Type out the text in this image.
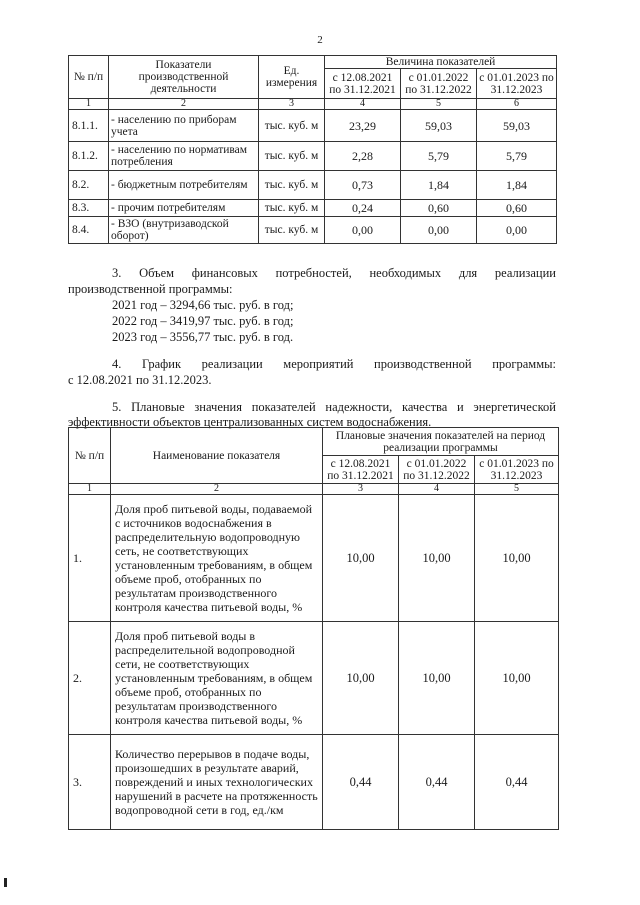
2
№ п/п	Показатели производственной деятельности	Ед. измерения	Величина показателей		
			с 12.08.2021 по 31.12.2021	с 01.01.2022 по 31.12.2022	с 01.01.2023 по 31.12.2023
1	2	3	4	5	6
8.1.1.	- населению по приборам учета	тыс. куб. м	23,29	59,03	59,03
8.1.2.	- населению по нормативам потребления	тыс. куб. м	2,28	5,79	5,79
8.2.	- бюджетным потребителям	тыс. куб. м	0,73	1,84	1,84
8.3.	- прочим потребителям	тыс. куб. м	0,24	0,60	0,60
8.4.	- ВЗО (внутризаводской оборот)	тыс. куб. м	0,00	0,00	0,00
3. Объем финансовых потребностей, необходимых для реализации
производственной программы:
2021 год – 3294,66 тыс. руб. в год;
2022 год – 3419,97 тыс. руб. в год;
2023 год – 3556,77 тыс. руб. в год.
4. График реализации мероприятий производственной программы:
с 12.08.2021 по 31.12.2023.
5. Плановые значения показателей надежности, качества и энергетической
эффективности объектов централизованных систем водоснабжения.
№ п/п	Наименование показателя	Плановые значения показателей на период реализации программы		
		с 12.08.2021 по 31.12.2021	с 01.01.2022 по 31.12.2022	с 01.01.2023 по 31.12.2023
1	2	3	4	5
1.	Доля проб питьевой воды, подаваемой с источников водоснабжения в распределительную водопроводную сеть, не соответствующих установленным требованиям, в общем объеме проб, отобранных по результатам производственного контроля качества питьевой воды, %	10,00	10,00	10,00
2.	Доля проб питьевой воды в распределительной водопроводной сети, не соответствующих установленным требованиям, в общем объеме проб, отобранных по результатам производственного контроля качества питьевой воды, %	10,00	10,00	10,00
3.	Количество перерывов в подаче воды, произошедших в результате аварий, повреждений и иных технологических нарушений в расчете на протяженность водопроводной сети в год, ед./км	0,44	0,44	0,44
